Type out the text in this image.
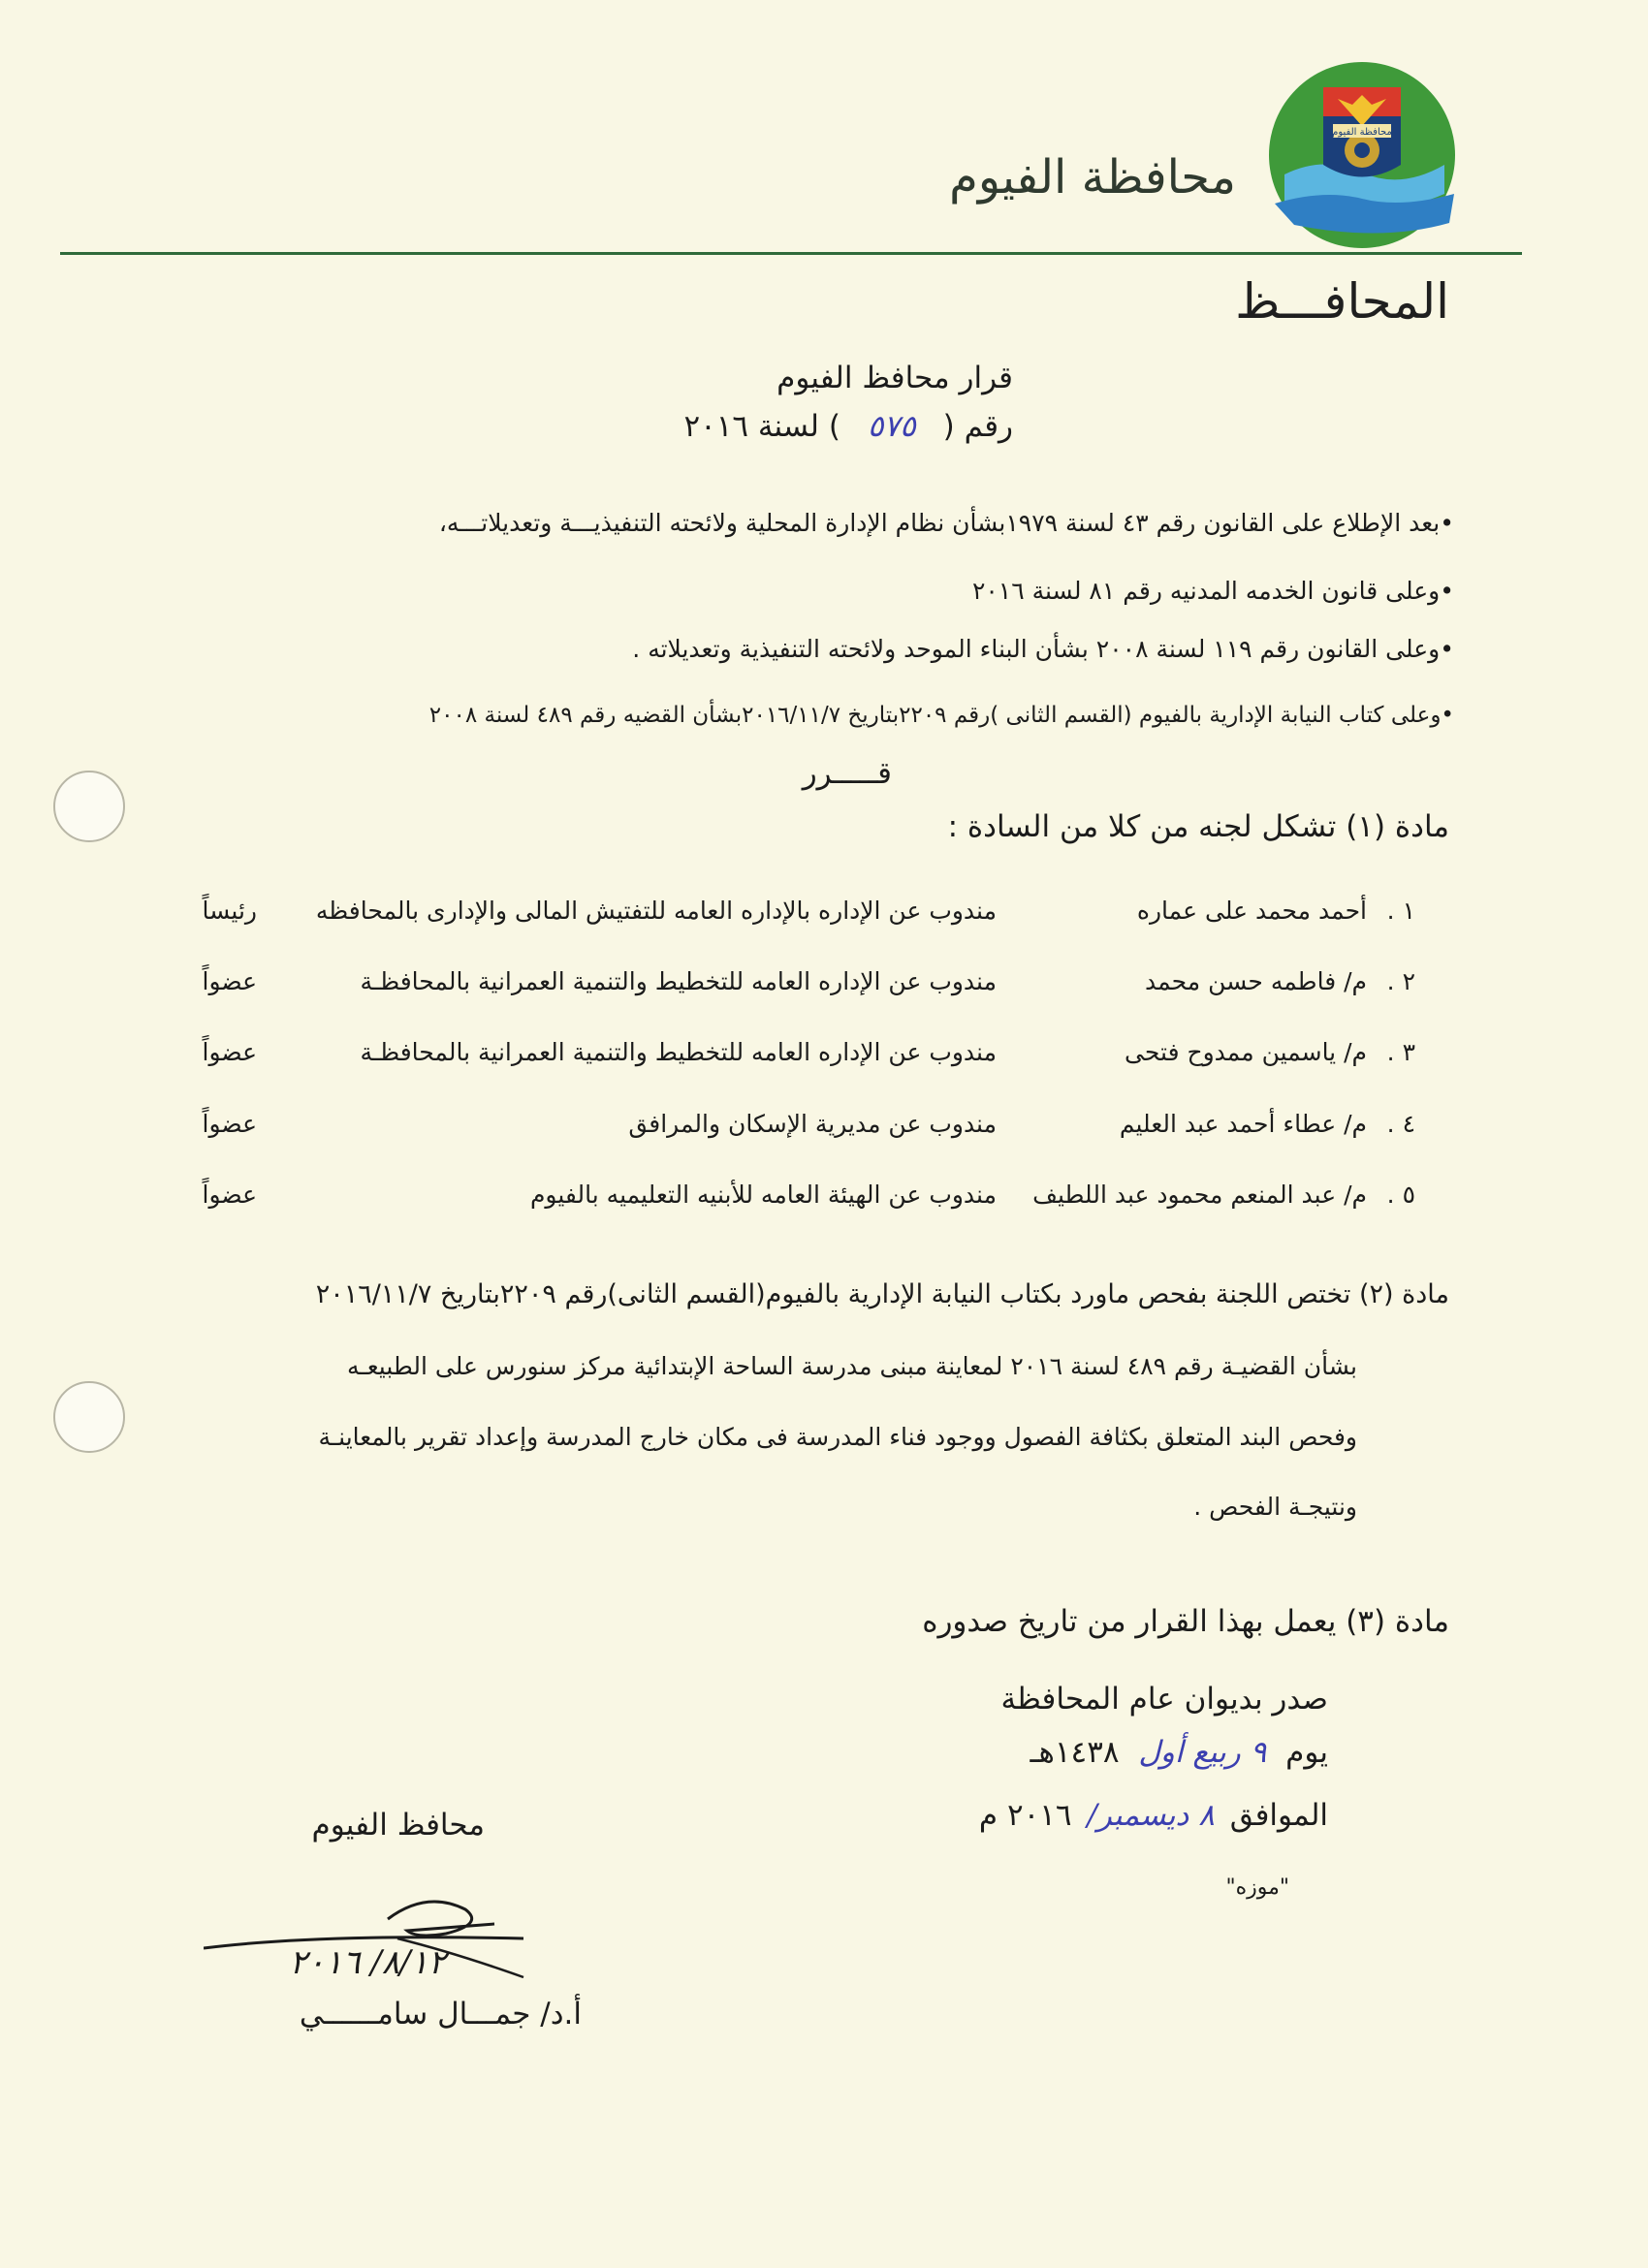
محافظة الفيوم
محافظة الفيوم
المحافـــظ
قرار محافظ الفيوم
رقم ( ٥٧٥ ) لسنة ٢٠١٦
•بعد الإطلاع على القانون رقم ٤٣ لسنة ١٩٧٩بشأن نظام الإدارة المحلية ولائحته التنفيذيـــة وتعديلاتـــه،
•وعلى قانون الخدمه المدنيه رقم ٨١ لسنة ٢٠١٦
•وعلى القانون رقم ١١٩ لسنة ٢٠٠٨ بشأن البناء الموحد ولائحته التنفيذية وتعديلاته .
•وعلى كتاب النيابة الإدارية بالفيوم (القسم الثانى )رقم ٢٢٠٩بتاريخ ٢٠١٦/١١/٧بشأن القضيه رقم ٤٨٩ لسنة ٢٠٠٨
قـــــرر
مادة (١) تشكل لجنه من كلا من السادة :
١ .
أحمد محمد على عماره
مندوب عن الإداره بالإداره العامه للتفتيش المالى والإدارى بالمحافظه
رئيساً
٢ .
م/ فاطمه حسن محمد
مندوب عن الإداره العامه للتخطيط والتنمية العمرانية بالمحافظـة
عضواً
٣ .
م/ ياسمين ممدوح فتحى
مندوب عن الإداره العامه للتخطيط والتنمية العمرانية بالمحافظـة
عضواً
٤ .
م/ عطاء أحمد عبد العليم
مندوب عن مديرية الإسكان والمرافق
عضواً
٥ .
م/ عبد المنعم محمود عبد اللطيف
مندوب عن الهيئة العامه للأبنيه التعليميه بالفيوم
عضواً
مادة (٢) تختص اللجنة بفحص ماورد بكتاب النيابة الإدارية بالفيوم(القسم الثانى)رقم ٢٢٠٩بتاريخ ٢٠١٦/١١/٧
بشأن القضيـة رقم ٤٨٩ لسنة ٢٠١٦ لمعاينة مبنى مدرسة الساحة الإبتدائية مركز سنورس على الطبيعـه
وفحص البند المتعلق بكثافة الفصول ووجود فناء المدرسة فى مكان خارج المدرسة وإعداد تقرير بالمعاينـة
ونتيجـة الفحص .
مادة (٣) يعمل بهذا القرار من تاريخ صدوره
صدر بديوان عام المحافظة
يوم ٩ ربيع أول ١٤٣٨هـ
الموافق ٨ ديسمبر/ ٢٠١٦ م
"موزه"
محافظ الفيوم
٨/١٢/ ٢٠١٦
أ.د/ جمـــال سامــــــي
